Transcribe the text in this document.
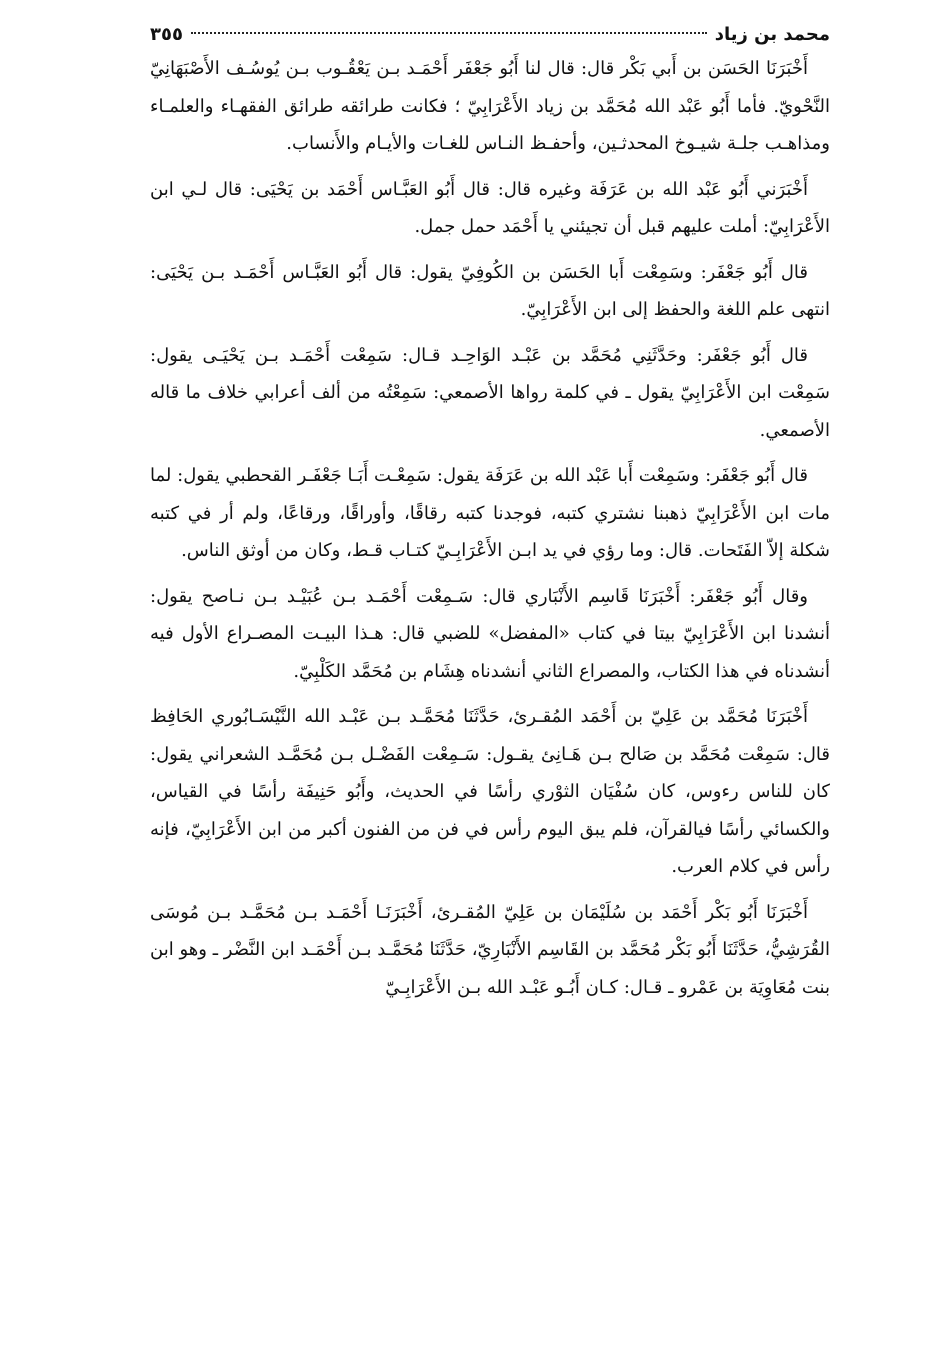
محمد بن زياد
٣٥٥

أَخْبَرَنَا الحَسَن بن أَبي بَكْر قال: قال لنا أَبُو جَعْفَر أَحْمَـد بـن يَعْقُـوب بـن يُوسُـف الأَصْبَهَانِيّ النَّحْويّ. فأما أَبُو عَبْد الله مُحَمَّد بن زياد الأَعْرَابِيّ ؛ فكانت طرائقه طرائق الفقهـاء والعلمـاء ومذاهـب جلـة شيـوخ المحدثـين، وأحفـظ النـاس للغـات والأيـام والأَنساب.

أَخْبَرَني أَبُو عَبْد الله بن عَرَفَة وغيره قال: قال أَبُو العَبَّـاس أَحْمَد بن يَحْيَى: قال لـي ابن الأَعْرَابِيّ: أملت عليهم قبل أن تجيئني يا أَحْمَد حمل جمل.

قال أَبُو جَعْفَر: وسَمِعْت أَبا الحَسَن بن الكُوفِيّ يقول: قال أَبُو العَبَّـاس أَحْمَـد بـن يَحْيَى: انتهى علم اللغة والحفظ إلى ابن الأَعْرَابِيّ.

قال أَبُو جَعْفَر: وحَدَّثَنِي مُحَمَّد بن عَبْـد الوَاحِـد قـال: سَمِعْت أَحْمَـد بـن يَحْيَـى يقول: سَمِعْت ابن الأَعْرَابِيّ يقول ـ في كلمة رواها الأصمعي: سَمِعْتُه من ألف أعرابي خلاف ما قاله الأصمعي.

قال أَبُو جَعْفَر: وسَمِعْت أَبا عَبْد الله بن عَرَفَة يقول: سَمِعْـت أَبَـا جَعْفَـر القحطبي يقول: لما مات ابن الأَعْرَابِيّ ذهبنا نشتري كتبه، فوجدنا كتبه رقاقًا، وأوراقًا، ورقاعًا، ولم أر في كتبه شكلة إلاّ الفَتَحات. قال: وما رؤي في يد ابـن الأَعْرَابِـيّ كتـاب قـط، وكان من أوثق الناس.

وقال أَبُو جَعْفَر: أَخْبَرَنَا قَاسِم الأَنْبَاري قال: سَـمِعْت أَحْمَـد بـن عُبَيْـد بـن نـاصح يقول: أنشدنا ابن الأَعْرَابِيّ بيتا في كتاب «المفضل» للضبي قال: هـذا البيـت المصـراع الأول فيه أنشدناه في هذا الكتاب، والمصراع الثاني أنشدناه هِشَام بن مُحَمَّد الكَلْبِيّ.

أَخْبَرَنَا مُحَمَّد بن عَلِيّ بن أَحْمَد المُقـرئ، حَدَّثَنَا مُحَمَّـد بـن عَبْـد الله النَّيْسَـابُوري الحَافِظ قال: سَمِعْت مُحَمَّد بن صَالح بـن هَـانِئ يقـول: سَـمِعْت الفَضْـل بـن مُحَمَّـد الشعراني يقول: كان للناس رءوس، كان سُفْيَان الثوْري رأسًا في الحديث، وأَبُو حَنِيفَة رأسًا في القياس، والكسائي رأسًا فيالقرآن، فلم يبق اليوم رأس في فن من الفنون أكبر من ابن الأَعْرَابِيّ، فإنه رأس في كلام العرب.

أَخْبَرَنَا أَبُو بَكْر أَحْمَد بن سُلَيْمَان بن عَلِيّ المُقـرئ، أَخْبَرَنَـا أَحْمَـد بـن مُحَمَّـد بـن مُوسَى القُرَشِيُّ، حَدَّثَنَا أَبُو بَكْر مُحَمَّد بن القَاسِم الأَنْبَارِيّ، حَدَّثَنَا مُحَمَّـد بـن أَحْمَـد ابن النَّضْر ـ وهو ابن بنت مُعَاوِيَة بن عَمْرو ـ قـال: كـان أَبُـو عَبْـد الله بـن الأَعْرَابِـيّ
